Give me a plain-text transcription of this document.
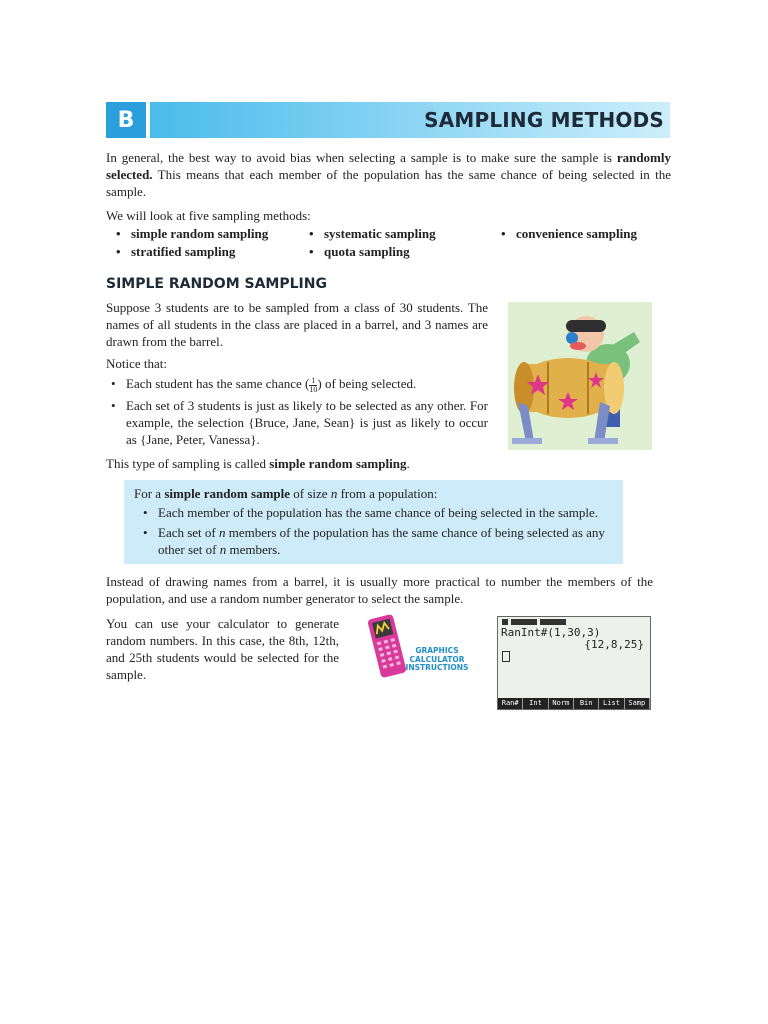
B	SAMPLING METHODS

In general, the best way to avoid bias when selecting a sample is to make sure the sample is randomly selected. This means that each member of the population has the same chance of being selected in the sample.

We will look at five sampling methods:

• simple random sampling	• systematic sampling	• convenience sampling
• stratified sampling	• quota sampling
SIMPLE RANDOM SAMPLING

Suppose 3 students are to be sampled from a class of 30 students. The names of all students in the class are placed in a barrel, and 3 names are drawn from the barrel.

Notice that:

• Each student has the same chance ( $\frac{1}{10}$ ) of being selected.
• Each set of 3 students is just as likely to be selected as any other. For example, the selection {Bruce, Jane, Sean} is just as likely to occur as {Jane, Peter, Vanessa}.

This type of sampling is called simple random sampling.

For a simple random sample of size n from a population:

• Each member of the population has the same chance of being selected in the sample.
• Each set of n members of the population has the same chance of being selected as any other set of n members.

Instead of drawing names from a barrel, it is usually more practical to number the members of the population, and use a random number generator to select the sample.

You can use your calculator to generate random numbers. In this case, the 8th, 12th, and 25th students would be selected for the sample.

GRAPHICS
CALCULATOR
INSTRUCTIONS
RanInt#(1,30,3)
{12,8,25}
Ran#	Int	Norm	Bin	List	Samp
